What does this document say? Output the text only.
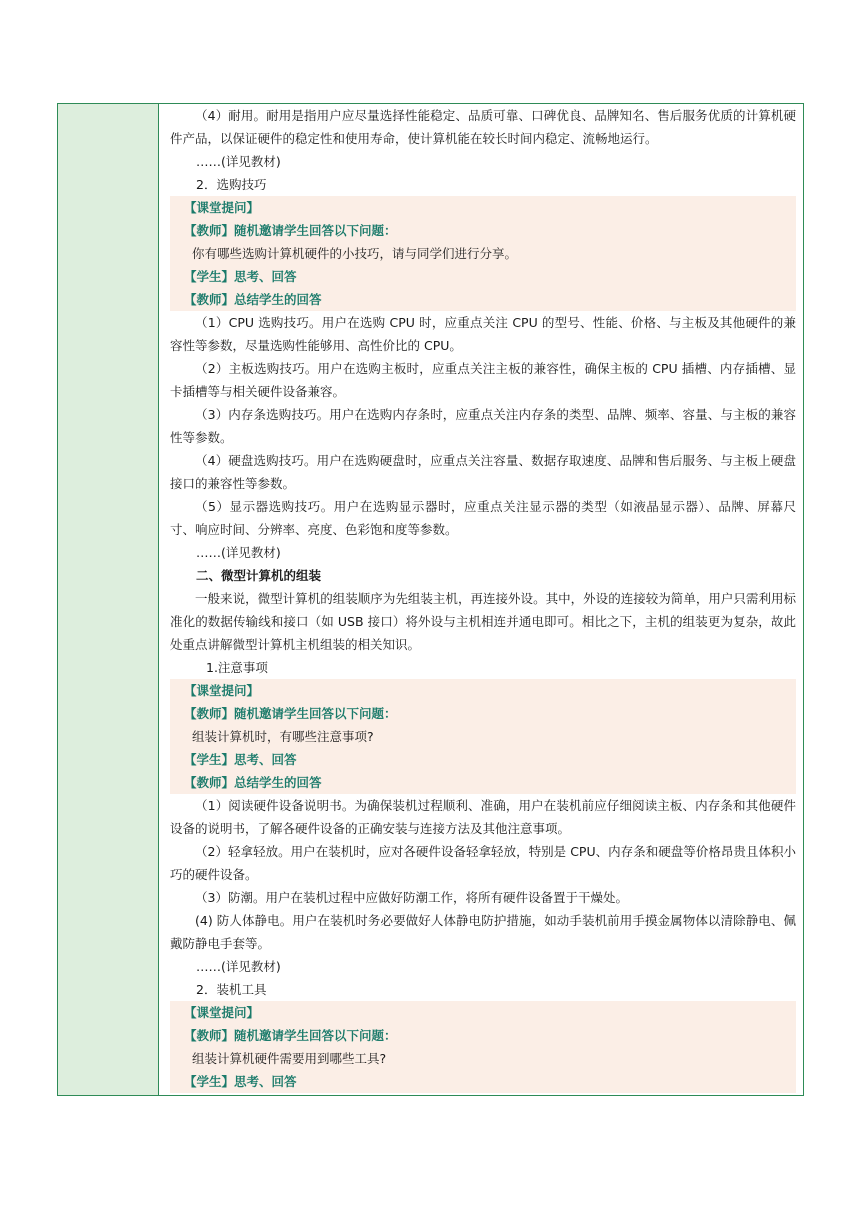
（4）耐用。耐用是指用户应尽量选择性能稳定、品质可靠、口碑优良、品牌知名、售后服务优质的计算机硬件产品，以保证硬件的稳定性和使用寿命，使计算机能在较长时间内稳定、流畅地运行。

……(详见教材)
2．选购技巧
【课堂提问】
【教师】随机邀请学生回答以下问题：
你有哪些选购计算机硬件的小技巧，请与同学们进行分享。
【学生】思考、回答
【教师】总结学生的回答

（1）CPU 选购技巧。用户在选购 CPU 时，应重点关注 CPU 的型号、性能、价格、与主板及其他硬件的兼容性等参数，尽量选购性能够用、高性价比的 CPU。

（2）主板选购技巧。用户在选购主板时，应重点关注主板的兼容性，确保主板的 CPU 插槽、内存插槽、显卡插槽等与相关硬件设备兼容。

（3）内存条选购技巧。用户在选购内存条时，应重点关注内存条的类型、品牌、频率、容量、与主板的兼容性等参数。

（4）硬盘选购技巧。用户在选购硬盘时，应重点关注容量、数据存取速度、品牌和售后服务、与主板上硬盘接口的兼容性等参数。

（5）显示器选购技巧。用户在选购显示器时，应重点关注显示器的类型（如液晶显示器）、品牌、屏幕尺寸、响应时间、分辨率、亮度、色彩饱和度等参数。

……(详见教材)
二、微型计算机的组装

一般来说，微型计算机的组装顺序为先组装主机，再连接外设。其中，外设的连接较为简单，用户只需利用标准化的数据传输线和接口（如 USB 接口）将外设与主机相连并通电即可。相比之下，主机的组装更为复杂，故此处重点讲解微型计算机主机组装的相关知识。

1.注意事项
【课堂提问】
【教师】随机邀请学生回答以下问题：
组装计算机时，有哪些注意事项?
【学生】思考、回答
【教师】总结学生的回答

（1）阅读硬件设备说明书。为确保装机过程顺利、准确，用户在装机前应仔细阅读主板、内存条和其他硬件设备的说明书，了解各硬件设备的正确安装与连接方法及其他注意事项。

（2）轻拿轻放。用户在装机时，应对各硬件设备轻拿轻放，特别是 CPU、内存条和硬盘等价格昂贵且体积小巧的硬件设备。

（3）防潮。用户在装机过程中应做好防潮工作，将所有硬件设备置于干燥处。

(4) 防人体静电。用户在装机时务必要做好人体静电防护措施，如动手装机前用手摸金属物体以清除静电、佩戴防静电手套等。

……(详见教材)
2．装机工具
【课堂提问】
【教师】随机邀请学生回答以下问题：
组装计算机硬件需要用到哪些工具?
【学生】思考、回答
